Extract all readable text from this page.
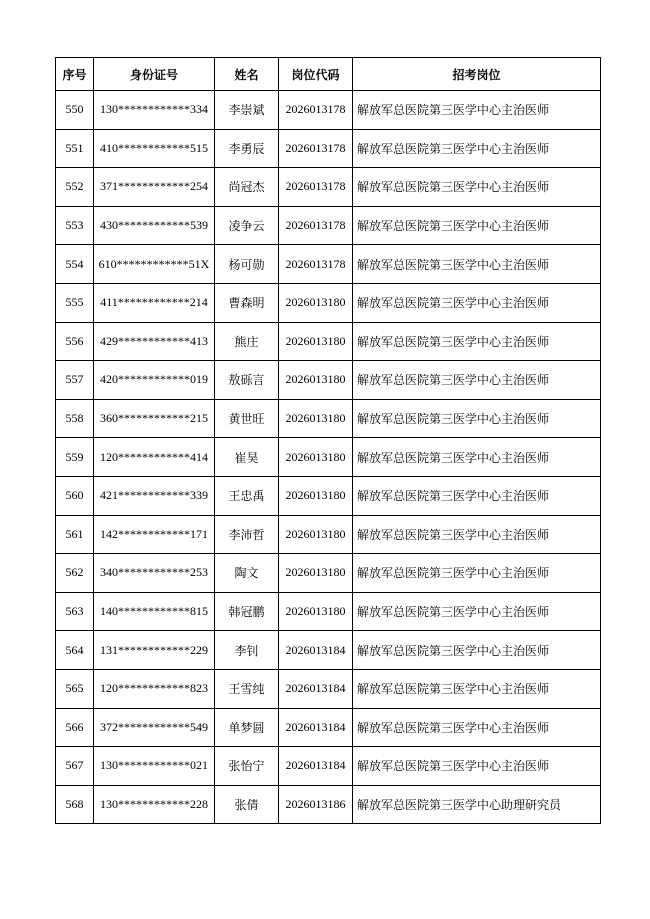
序号	身份证号	姓名	岗位代码	招考岗位
550	130************334	李崇斌	2026013178	解放军总医院第三医学中心主治医师
551	410************515	李勇辰	2026013178	解放军总医院第三医学中心主治医师
552	371************254	尚冠杰	2026013178	解放军总医院第三医学中心主治医师
553	430************539	凌争云	2026013178	解放军总医院第三医学中心主治医师
554	610************51X	杨可勋	2026013178	解放军总医院第三医学中心主治医师
555	411************214	曹森明	2026013180	解放军总医院第三医学中心主治医师
556	429************413	熊庄	2026013180	解放军总医院第三医学中心主治医师
557	420************019	敖砾言	2026013180	解放军总医院第三医学中心主治医师
558	360************215	黄世旺	2026013180	解放军总医院第三医学中心主治医师
559	120************414	崔昊	2026013180	解放军总医院第三医学中心主治医师
560	421************339	王忠禹	2026013180	解放军总医院第三医学中心主治医师
561	142************171	李沛哲	2026013180	解放军总医院第三医学中心主治医师
562	340************253	陶文	2026013180	解放军总医院第三医学中心主治医师
563	140************815	韩冠鹏	2026013180	解放军总医院第三医学中心主治医师
564	131************229	李钊	2026013184	解放军总医院第三医学中心主治医师
565	120************823	王雪纯	2026013184	解放军总医院第三医学中心主治医师
566	372************549	单梦圆	2026013184	解放军总医院第三医学中心主治医师
567	130************021	张怡宁	2026013184	解放军总医院第三医学中心主治医师
568	130************228	张倩	2026013186	解放军总医院第三医学中心助理研究员
